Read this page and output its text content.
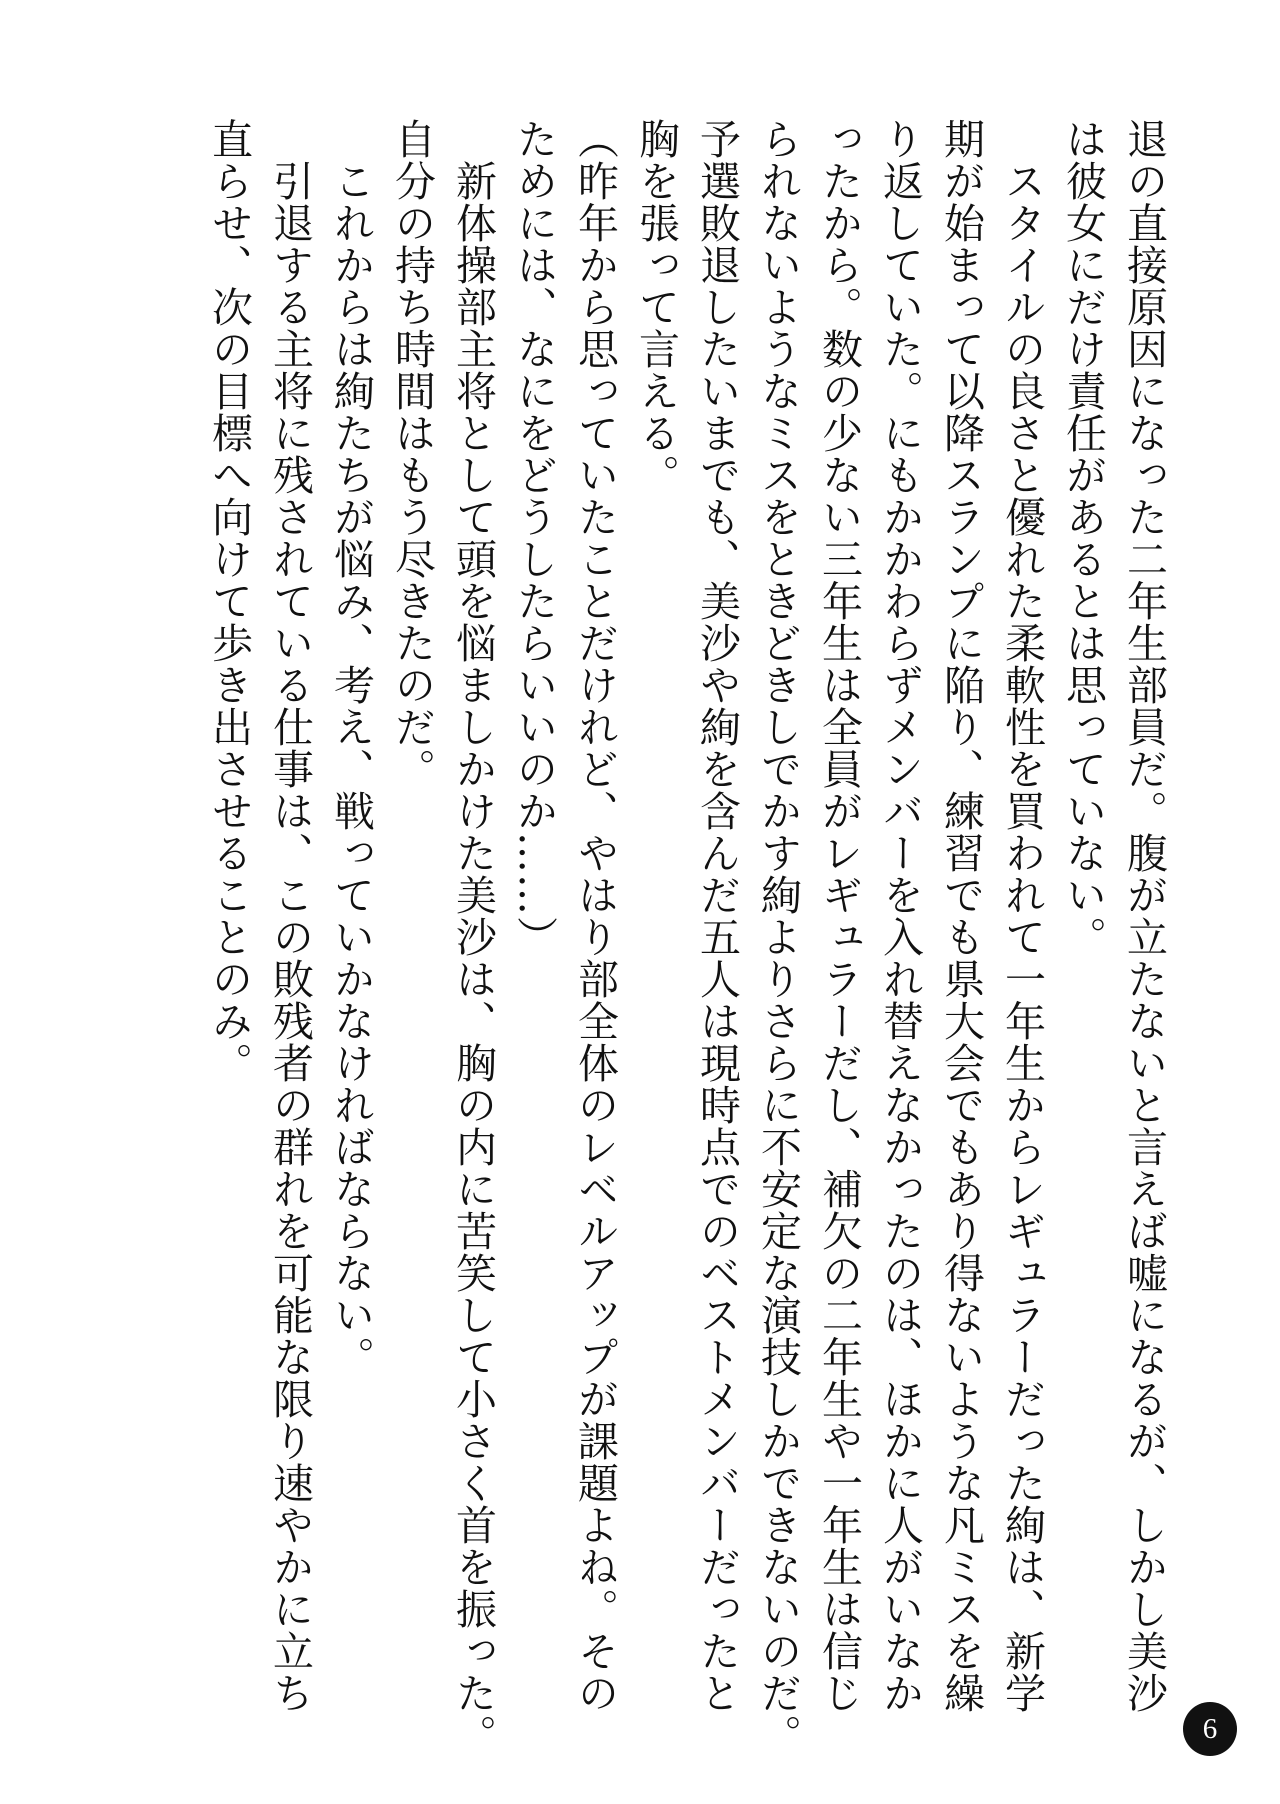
退の直接原因になった二年生部員だ。腹が立たないと言えば嘘になるが、しかし美沙
は彼女にだけ責任があるとは思っていない。
　スタイルの良さと優れた柔軟性を買われて一年生からレギュラーだった絢は、新学
期が始まって以降スランプに陥り、練習でも県大会でもあり得ないような凡ミスを繰
り返していた。にもかかわらずメンバーを入れ替えなかったのは、ほかに人がいなか
ったから。数の少ない三年生は全員がレギュラーだし、補欠の二年生や一年生は信じ
られないようなミスをときどきしでかす絢よりさらに不安定な演技しかできないのだ。
予選敗退したいまでも、美沙や絢を含んだ五人は現時点でのベストメンバーだったと
胸を張って言える。
（昨年から思っていたことだけれど、やはり部全体のレベルアップが課題よね。その
ためには、なにをどうしたらいいのか……）
　新体操部主将として頭を悩ましかけた美沙は、胸の内に苦笑して小さく首を振った。
自分の持ち時間はもう尽きたのだ。
　これからは絢たちが悩み、考え、戦っていかなければならない。
　引退する主将に残されている仕事は、この敗残者の群れを可能な限り速やかに立ち
直らせ、次の目標へ向けて歩き出させることのみ。
6
